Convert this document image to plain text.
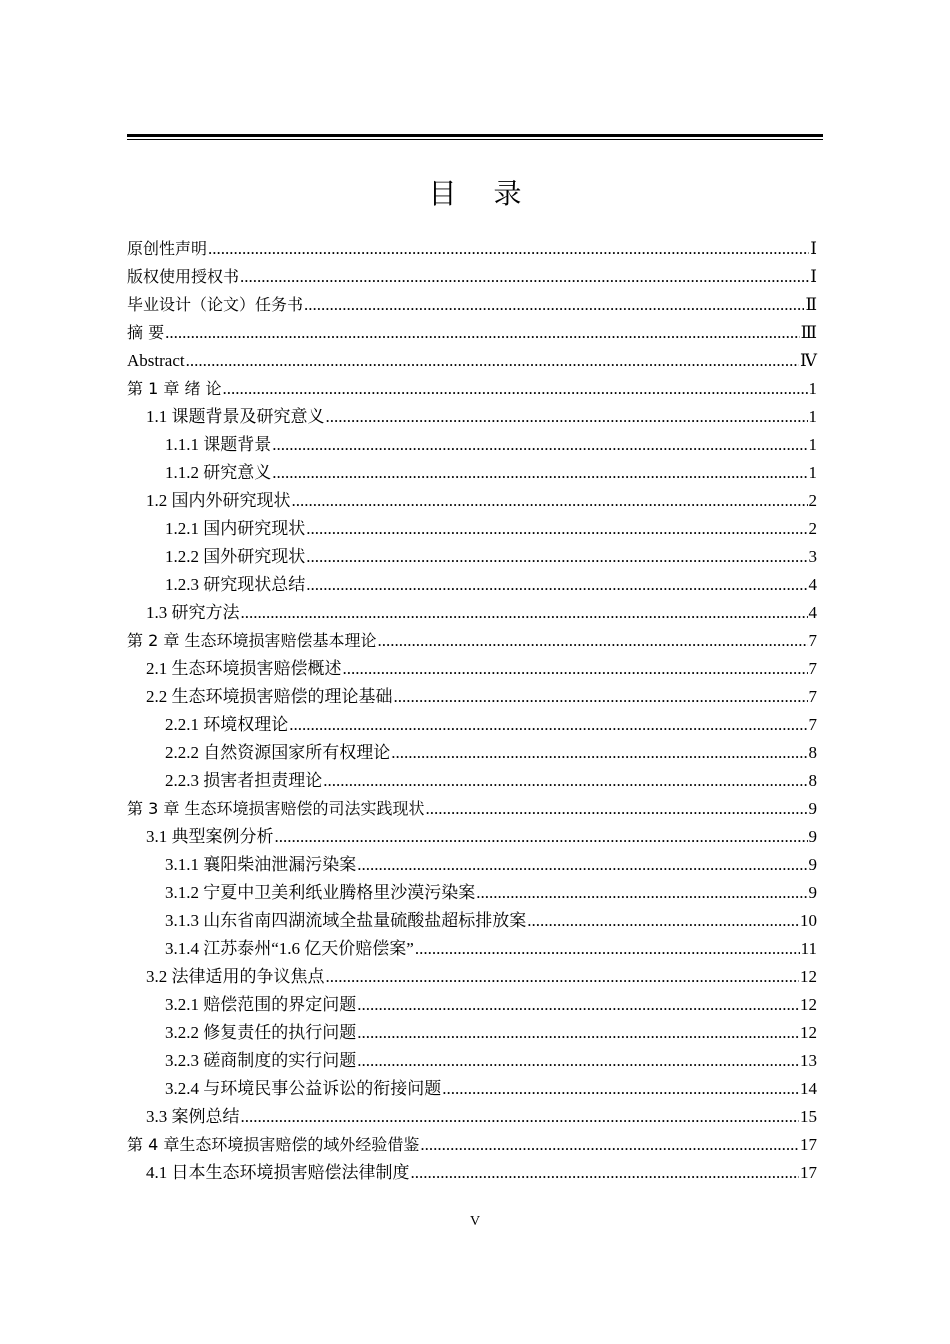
目 录
原创性声明 .....	Ⅰ
版权使用授权书 .....	Ⅰ
毕业设计（论文）任务书 .....	Ⅱ
摘 要 .....	Ⅲ
Abstract .....	Ⅳ
第 1 章 绪 论 .....	1
1.1 课题背景及研究意义 .....	1
1.1.1 课题背景 .....	1
1.1.2 研究意义 .....	1
1.2 国内外研究现状 .....	2
1.2.1 国内研究现状 .....	2
1.2.2 国外研究现状 .....	3
1.2.3 研究现状总结 .....	4
1.3 研究方法 .....	4
第 2 章 生态环境损害赔偿基本理论 .....	7
2.1 生态环境损害赔偿概述 .....	7
2.2 生态环境损害赔偿的理论基础 .....	7
2.2.1 环境权理论 .....	7
2.2.2 自然资源国家所有权理论 .....	8
2.2.3 损害者担责理论 .....	8
第 3 章 生态环境损害赔偿的司法实践现状 .....	9
3.1 典型案例分析 .....	9
3.1.1 襄阳柴油泄漏污染案 .....	9
3.1.2 宁夏中卫美利纸业腾格里沙漠污染案 .....	9
3.1.3 山东省南四湖流域全盐量硫酸盐超标排放案 .....	10
3.1.4 江苏泰州“1.6 亿天价赔偿案” .....	11
3.2 法律适用的争议焦点 .....	12
3.2.1 赔偿范围的界定问题 .....	12
3.2.2 修复责任的执行问题 .....	12
3.2.3 磋商制度的实行问题 .....	13
3.2.4 与环境民事公益诉讼的衔接问题 .....	14
3.3 案例总结 .....	15
第 4 章生态环境损害赔偿的域外经验借鉴 .....	17
4.1 日本生态环境损害赔偿法律制度 .....	17
V
